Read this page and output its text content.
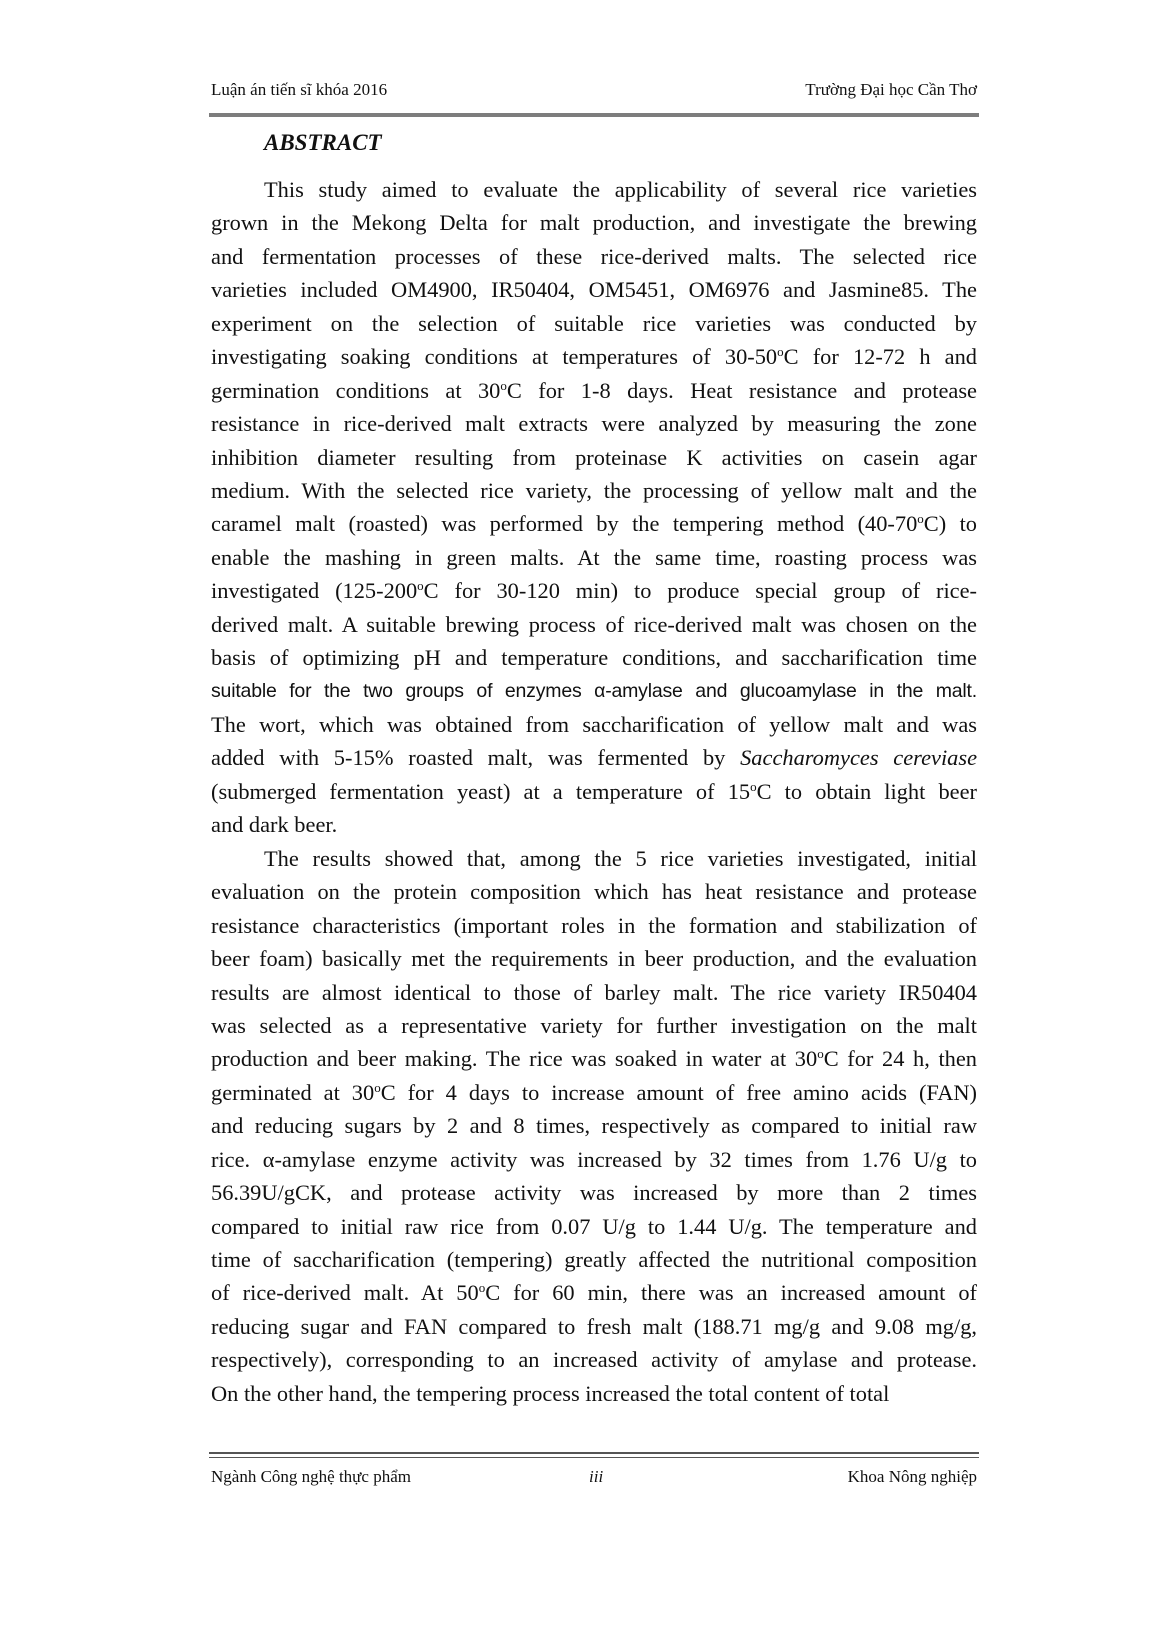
Luận án tiến sĩ khóa 2016	Trường Đại học Cần Thơ
ABSTRACT
This study aimed to evaluate the applicability of several rice varieties
grown in the Mekong Delta for malt production, and investigate the brewing
and fermentation processes of these rice-derived malts. The selected rice
varieties included OM4900, IR50404, OM5451, OM6976 and Jasmine85. The
experiment on the selection of suitable rice varieties was conducted by
investigating soaking conditions at temperatures of 30-50$^o$C for 12-72 h and
germination conditions at 30$^o$C for 1-8 days. Heat resistance and protease
resistance in rice-derived malt extracts were analyzed by measuring the zone
inhibition diameter resulting from proteinase K activities on casein agar
medium. With the selected rice variety, the processing of yellow malt and the
caramel malt (roasted) was performed by the tempering method (40-70$^o$C) to
enable the mashing in green malts. At the same time, roasting process was
investigated (125-200$^o$C for 30-120 min) to produce special group of rice-
derived malt. A suitable brewing process of rice-derived malt was chosen on the
basis of optimizing pH and temperature conditions, and saccharification time
suitable for the two groups of enzymes α-amylase and glucoamylase in the malt.
The wort, which was obtained from saccharification of yellow malt and was
added with 5-15% roasted malt, was fermented by Saccharomyces cereviase
(submerged fermentation yeast) at a temperature of 15$^o$C to obtain light beer
and dark beer.
The results showed that, among the 5 rice varieties investigated, initial
evaluation on the protein composition which has heat resistance and protease
resistance characteristics (important roles in the formation and stabilization of
beer foam) basically met the requirements in beer production, and the evaluation
results are almost identical to those of barley malt. The rice variety IR50404
was selected as a representative variety for further investigation on the malt
production and beer making. The rice was soaked in water at 30$^o$C for 24 h, then
germinated at 30$^o$C for 4 days to increase amount of free amino acids (FAN)
and reducing sugars by 2 and 8 times, respectively as compared to initial raw
rice. α-amylase enzyme activity was increased by 32 times from 1.76 U/g to
56.39U/gCK, and protease activity was increased by more than 2 times
compared to initial raw rice from 0.07 U/g to 1.44 U/g. The temperature and
time of saccharification (tempering) greatly affected the nutritional composition
of rice-derived malt. At 50$^o$C for 60 min, there was an increased amount of
reducing sugar and FAN compared to fresh malt (188.71 mg/g and 9.08 mg/g,
respectively), corresponding to an increased activity of amylase and protease.
On the other hand, the tempering process increased the total content of total
Ngành Công nghệ thực phẩm	iii	Khoa Nông nghiệp
